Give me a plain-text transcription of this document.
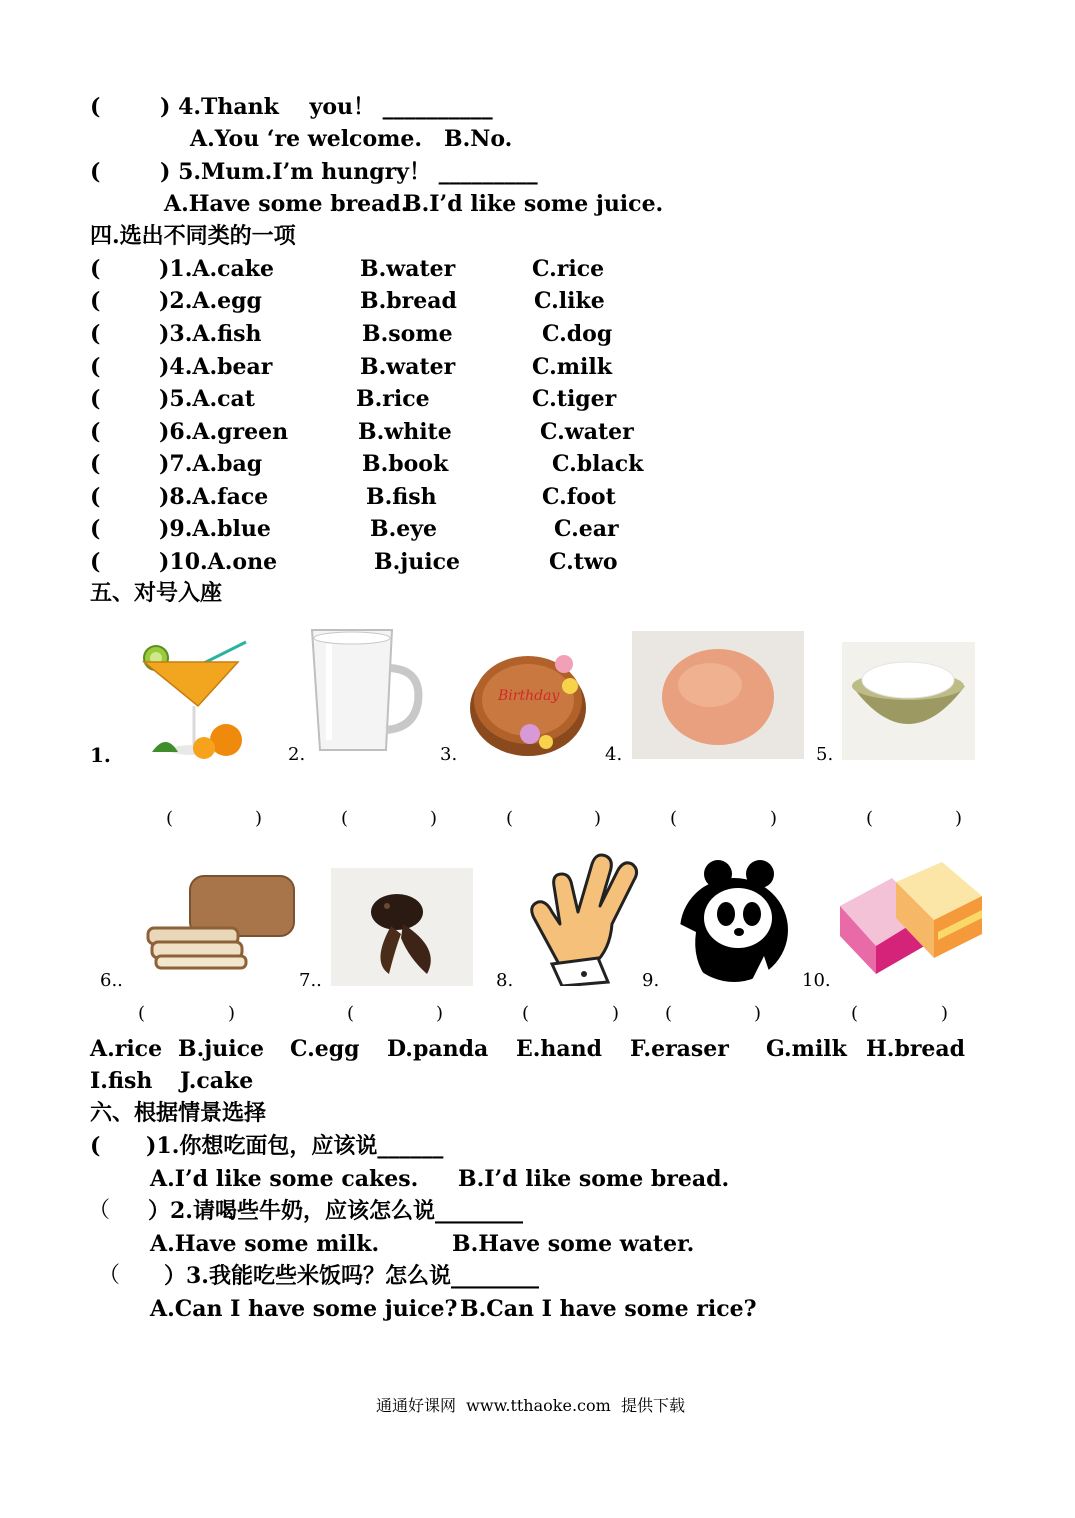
(	) 4.Thank    you！ __________
A.You ‘re welcome. B.No.
(	) 5.Mum.I’m hungry！ _________
A.Have some bread.
B.I’d like some juice.
四.选出不同类的一项
(	)1.A.cake	B.water	C.rice
(	)2.A.egg	B.bread	C.like
(	)3.A.fish	B.some	C.dog
(	)4.A.bear	B.water	C.milk
(	)5.A.cat	B.rice	C.tiger
(	)6.A.green	B.white	C.water
(	)7.A.bag	B.book	C.black
(	)8.A.face	B.fish	C.foot
(	)9.A.blue	B.eye	C.ear
(	)10.A.one	B.juice	C.two
五、对号入座
Birthday
1.	2.	3.	4.	5.
(	)	(	)	(	)	(	)	(	)
6..	7..	8.	9.	10.
(	)	(	)	(	)	(	)	(	)
A.rice B.juice C.egg D.panda E.hand F.eraser G.milk H.bread
I.fish J.cake
六、根据情景选择
( )1.你想吃面包，应该说______
A.I’d like some cakes. B.I’d like some bread.
（ ）2.请喝些牛奶，应该怎么说________
A.Have some milk.	B.Have some water.
（ ）3.我能吃些米饭吗？怎么说________
A.Can I have some juice? B.Can I have some rice?
通通好课网  www.tthaoke.com  提供下载
